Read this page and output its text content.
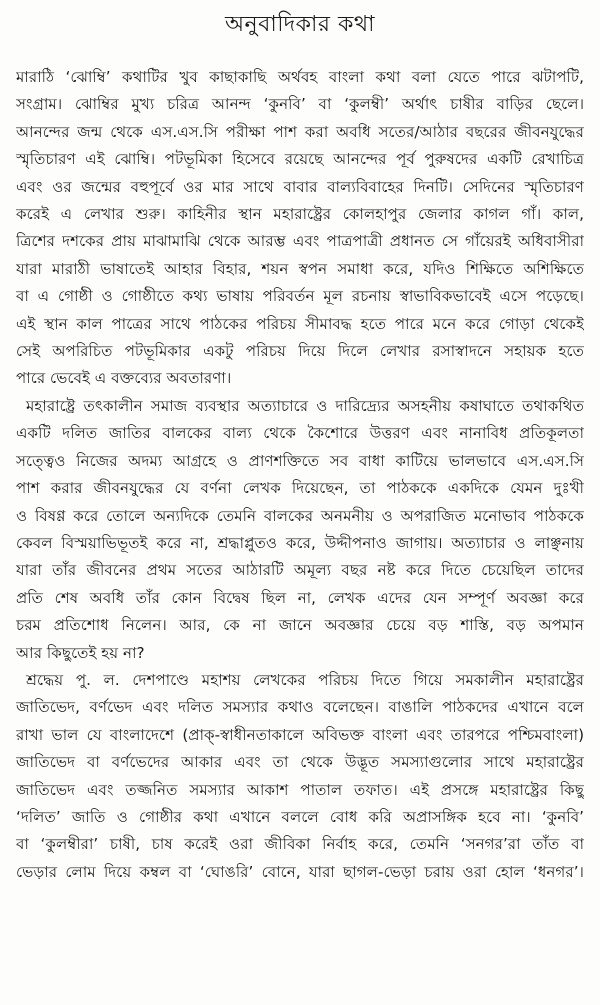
অনুবাদিকার কথা

মারাঠি ‘ঝোম্বি’ কথাটির খুব কাছাকাছি অর্থবহ বাংলা কথা বলা যেতে পারে ঝটাপটি,
সংগ্রাম। ঝোম্বির মুখ্য চরিত্র আনন্দ ‘কুনবি’ বা ‘কুলম্বী’ অর্থাৎ চাষীর বাড়ির ছেলে।
আনন্দের জন্ম থেকে এস.এস.সি পরীক্ষা পাশ করা অবধি সতের/আঠার বছরের জীবনযুদ্ধের
স্মৃতিচারণ এই ঝোম্বি। পটভূমিকা হিসেবে রয়েছে আনন্দের পূর্ব পুরুষদের একটি রেখাচিত্র
এবং ওর জন্মের বহুপূর্বে ওর মার সাথে বাবার বাল্যবিবাহের দিনটি। সেদিনের স্মৃতিচারণ
করেই এ লেখার শুরু। কাহিনীর স্থান মহারাষ্ট্রের কোলহাপুর জেলার কাগল গাঁ। কাল,
ত্রিশের দশকের প্রায় মাঝামাঝি থেকে আরম্ভ এবং পাত্রপাত্রী প্রধানত সে গাঁয়েরই অধিবাসীরা
যারা মারাঠী ভাষাতেই আহার বিহার, শয়ন স্বপন সমাধা করে, যদিও শিক্ষিতে অশিক্ষিতে
বা এ গোষ্ঠী ও গোষ্ঠীতে কথ্য ভাষায় পরিবর্তন মূল রচনায় স্বাভাবিকভাবেই এসে পড়েছে।
এই স্থান কাল পাত্রের সাথে পাঠকের পরিচয় সীমাবদ্ধ হতে পারে মনে করে গোড়া থেকেই
সেই অপরিচিত পটভূমিকার একটু পরিচয় দিয়ে দিলে লেখার রসাস্বাদনে সহায়ক হতে
পারে ভেবেই এ বক্তব্যের অবতারণা।

মহারাষ্ট্রে তৎকালীন সমাজ ব্যবস্থার অত্যাচারে ও দারিদ্র্যের অসহনীয় কষাঘাতে তথাকথিত
একটি দলিত জাতির বালকের বাল্য থেকে কৈশোরে উত্তরণ এবং নানাবিধ প্রতিকূলতা
সত্ত্বেও নিজের অদম্য আগ্রহে ও প্রাণশক্তিতে সব বাধা কাটিয়ে ভালভাবে এস.এস.সি
পাশ করার জীবনযুদ্ধের যে বর্ণনা লেখক দিয়েছেন, তা পাঠককে একদিকে যেমন দুঃখী
ও বিষণ্ণ করে তোলে অন্যদিকে তেমনি বালকের অনমনীয় ও অপরাজিত মনোভাব পাঠককে
কেবল বিস্ময়াভিভূতই করে না, শ্রদ্ধাপ্লুতও করে, উদ্দীপনাও জাগায়। অত্যাচার ও লাঞ্ছনায়
যারা তাঁর জীবনের প্রথম সতের আঠারটি অমূল্য বছর নষ্ট করে দিতে চেয়েছিল তাদের
প্রতি শেষ অবধি তাঁর কোন বিদ্বেষ ছিল না, লেখক এদের যেন সম্পূর্ণ অবজ্ঞা করে
চরম প্রতিশোধ নিলেন। আর, কে না জানে অবজ্ঞার চেয়ে বড় শাস্তি, বড় অপমান
আর কিছুতেই হয় না?

শ্রদ্ধেয় পু. ল. দেশপাণ্ডে মহাশয় লেখকের পরিচয় দিতে গিয়ে সমকালীন মহারাষ্ট্রের
জাতিভেদ, বর্ণভেদ এবং দলিত সমস্যার কথাও বলেছেন। বাঙালি পাঠকদের এখানে বলে
রাখা ভাল যে বাংলাদেশে (প্রাক্-স্বাধীনতাকালে অবিভক্ত বাংলা এবং তারপরে পশ্চিমবাংলা)
জাতিভেদ বা বর্ণভেদের আকার এবং তা থেকে উদ্ভূত সমস্যাগুলোর সাথে মহারাষ্ট্রের
জাতিভেদ এবং তজ্জনিত সমস্যার আকাশ পাতাল তফাত। এই প্রসঙ্গে মহারাষ্ট্রের কিছু
‘দলিত’ জাতি ও গোষ্ঠীর কথা এখানে বললে বোধ করি অপ্রাসঙ্গিক হবে না। ‘কুনবি’
বা ‘কুলম্বীরা’ চাষী, চাষ করেই ওরা জীবিকা নির্বাহ করে, তেমনি ‘সনগর’রা তাঁত বা
ভেড়ার লোম দিয়ে কম্বল বা ‘ঘোঙরি’ বোনে, যারা ছাগল-ভেড়া চরায় ওরা হোল ‘ধনগর’।
